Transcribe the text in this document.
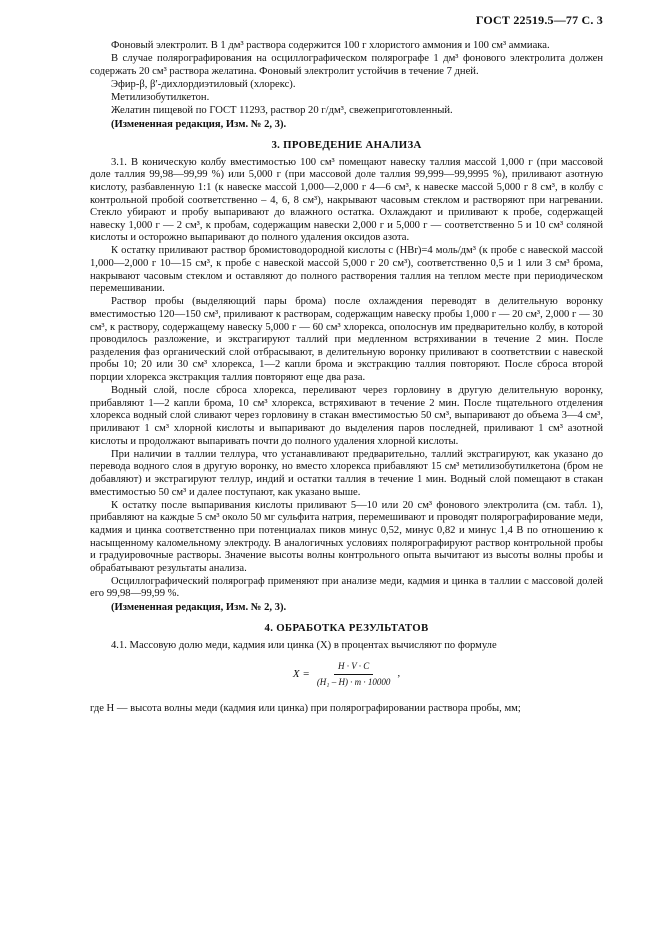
ГОСТ 22519.5—77 С. 3

Фоновый электролит. В 1 дм³ раствора содержится 100 г хлористого аммония и 100 см³ аммиака.

В случае полярографирования на осциллографическом полярографе 1 дм³ фонового электролита должен содержать 20 см³ раствора желатина. Фоновый электролит устойчив в течение 7 дней.

Эфир-β, β′-дихлордиэтиловый (хлорекс).

Метилизобутилкетон.

Желатин пищевой по ГОСТ 11293, раствор 20 г/дм³, свежеприготовленный.

(Измененная редакция, Изм. № 2, 3).

3. ПРОВЕДЕНИЕ АНАЛИЗА

3.1. В коническую колбу вместимостью 100 см³ помещают навеску таллия массой 1,000 г (при массовой доле таллия 99,98—99,99 %) или 5,000 г (при массовой доле таллия 99,999—99,9995 %), приливают азотную кислоту, разбавленную 1:1 (к навеске массой 1,000—2,000 г 4—6 см³, к навеске массой 5,000 г 8 см³, в колбу с контрольной пробой соответственно – 4, 6, 8 см³), накрывают часовым стеклом и растворяют при нагревании. Стекло убирают и пробу выпаривают до влажного остатка. Охлаждают и приливают к пробе, содержащей навеску 1,000 г — 2 см³, к пробам, содержащим навески 2,000 г и 5,000 г — соответственно 5 и 10 см³ соляной кислоты и осторожно выпаривают до полного удаления оксидов азота.

К остатку приливают раствор бромистоводородной кислоты с (HBr)=4 моль/дм³ (к пробе с навеской массой 1,000—2,000 г 10—15 см³, к пробе с навеской массой 5,000 г 20 см³), соответственно 0,5 и 1 или 3 см³ брома, накрывают часовым стеклом и оставляют до полного растворения таллия на теплом месте при периодическом перемешивании.

Раствор пробы (выделяющий пары брома) после охлаждения переводят в делительную воронку вместимостью 120—150 см³, приливают к растворам, содержащим навеску пробы 1,000 г — 20 см³, 2,000 г — 30 см³, к раствору, содержащему навеску 5,000 г — 60 см³ хлорекса, ополоснув им предварительно колбу, в которой проводилось разложение, и экстрагируют таллий при медленном встряхивании в течение 2 мин. После разделения фаз органический слой отбрасывают, в делительную воронку приливают в соответствии с навеской пробы 10; 20 или 30 см³ хлорекса, 1—2 капли брома и экстракцию таллия повторяют. После сброса второй порции хлорекса экстракция таллия повторяют еще два раза.

Водный слой, после сброса хлорекса, переливают через горловину в другую делительную воронку, прибавляют 1—2 капли брома, 10 см³ хлорекса, встряхивают в течение 2 мин. После тщательного отделения хлорекса водный слой сливают через горловину в стакан вместимостью 50 см³, выпаривают до объема 3—4 см³, приливают 1 см³ хлорной кислоты и выпаривают до выделения паров последней, приливают 1 см³ азотной кислоты и продолжают выпаривать почти до полного удаления хлорной кислоты.

При наличии в таллии теллура, что устанавливают предварительно, таллий экстрагируют, как указано до перевода водного слоя в другую воронку, но вместо хлорекса прибавляют 15 см³ метилизобутилкетона (бром не добавляют) и экстрагируют теллур, индий и остатки таллия в течение 1 мин. Водный слой помещают в стакан вместимостью 50 см³ и далее поступают, как указано выше.

К остатку после выпаривания кислоты приливают 5—10 или 20 см³ фонового электролита (см. табл. 1), прибавляют на каждые 5 см³ около 50 мг сульфита натрия, перемешивают и проводят полярографирование меди, кадмия и цинка соответственно при потенциалах пиков минус 0,52, минус 0,82 и минус 1,4 В по отношению к насыщенному каломельному электроду. В аналогичных условиях полярографируют раствор контрольной пробы и градуировочные растворы. Значение высоты волны контрольного опыта вычитают из высоты волны пробы и обрабатывают результаты анализа.

Осциллографический полярограф применяют при анализе меди, кадмия и цинка в таллии с массовой долей его 99,98—99,99 %.

(Измененная редакция, Изм. № 2, 3).

4. ОБРАБОТКА РЕЗУЛЬТАТОВ

4.1. Массовую долю меди, кадмия или цинка (X) в процентах вычисляют по формуле

$X = \frac{H \cdot V \cdot C}{\text{(H₁ – H) · m · 10000}}$ ,

где H — высота волны меди (кадмия или цинка) при полярографировании раствора пробы, мм;
